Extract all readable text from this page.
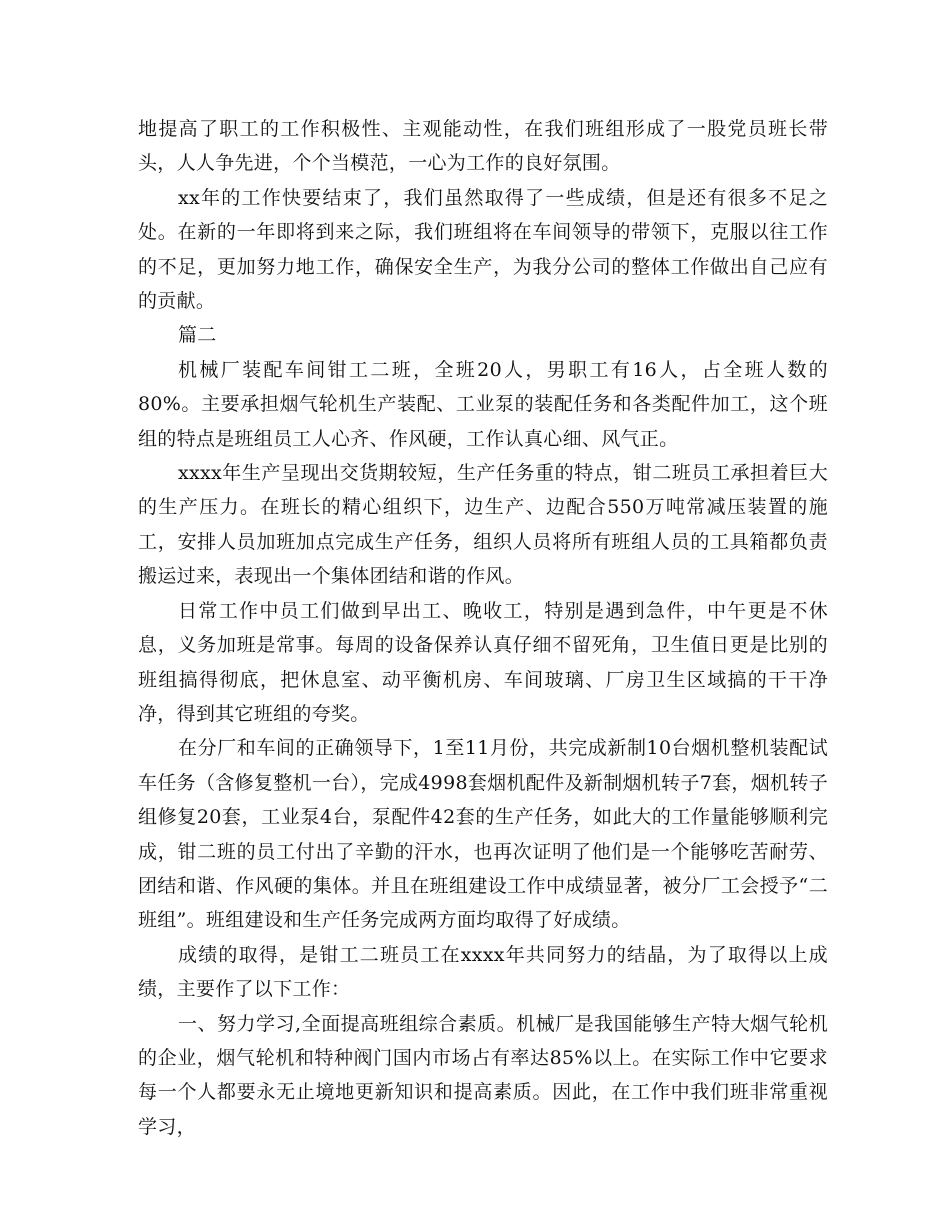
地提高了职工的工作积极性、主观能动性，在我们班组形成了一股党员班长带头，人人争先进，个个当模范，一心为工作的良好氛围。

xx年的工作快要结束了，我们虽然取得了一些成绩，但是还有很多不足之处。在新的一年即将到来之际，我们班组将在车间领导的带领下，克服以往工作的不足，更加努力地工作，确保安全生产，为我分公司的整体工作做出自己应有的贡献。

篇二

机械厂装配车间钳工二班，全班20人，男职工有16人，占全班人数的80%。主要承担烟气轮机生产装配、工业泵的装配任务和各类配件加工，这个班组的特点是班组员工人心齐、作风硬，工作认真心细、风气正。

xxxx年生产呈现出交货期较短，生产任务重的特点，钳二班员工承担着巨大的生产压力。在班长的精心组织下，边生产、边配合550万吨常减压装置的施工，安排人员加班加点完成生产任务，组织人员将所有班组人员的工具箱都负责搬运过来，表现出一个集体团结和谐的作风。

日常工作中员工们做到早出工、晚收工，特别是遇到急件，中午更是不休息，义务加班是常事。每周的设备保养认真仔细不留死角，卫生值日更是比别的班组搞得彻底，把休息室、动平衡机房、车间玻璃、厂房卫生区域搞的干干净净，得到其它班组的夸奖。

在分厂和车间的正确领导下，1至11月份，共完成新制10台烟机整机装配试车任务（含修复整机一台），完成4998套烟机配件及新制烟机转子7套，烟机转子组修复20套，工业泵4台，泵配件42套的生产任务，如此大的工作量能够顺利完成，钳二班的员工付出了辛勤的汗水，也再次证明了他们是一个能够吃苦耐劳、团结和谐、作风硬的集体。并且在班组建设工作中成绩显著，被分厂工会授予“二班组”。班组建设和生产任务完成两方面均取得了好成绩。

成绩的取得，是钳工二班员工在xxxx年共同努力的结晶，为了取得以上成绩，主要作了以下工作：

一、努力学习,全面提高班组综合素质。机械厂是我国能够生产特大烟气轮机的企业，烟气轮机和特种阀门国内市场占有率达85%以上。在实际工作中它要求每一个人都要永无止境地更新知识和提高素质。因此，在工作中我们班非常重视学习，
